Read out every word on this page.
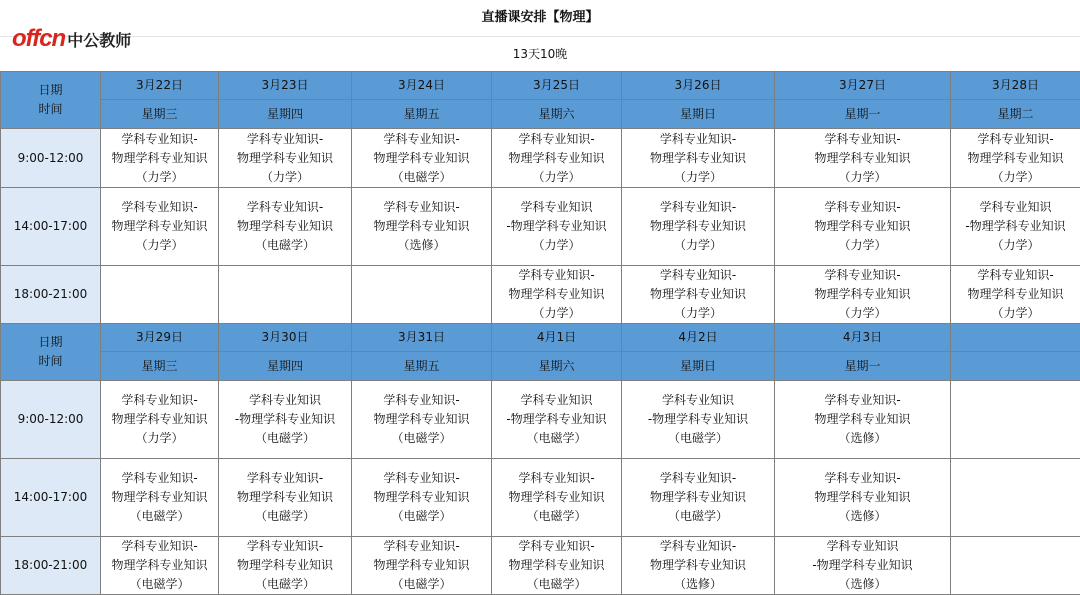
直播课安排【物理】
13天10晚
offcn 中公教师
日期
时间	3月22日	3月23日	3月24日	3月25日	3月26日	3月27日	3月28日
	星期三	星期四	星期五	星期六	星期日	星期一	星期二
9:00-12:00	学科专业知识-
物理学科专业知识
（力学）	学科专业知识-
物理学科专业知识
（力学）	学科专业知识-
物理学科专业知识
（电磁学）	学科专业知识-
物理学科专业知识
（力学）	学科专业知识-
物理学科专业知识
（力学）	学科专业知识-
物理学科专业知识
（力学）	学科专业知识-
物理学科专业知识
（力学）
14:00-17:00	学科专业知识-
物理学科专业知识
（力学）	学科专业知识-
物理学科专业知识
（电磁学）	学科专业知识-
物理学科专业知识
（选修）	学科专业知识
-物理学科专业知识
（力学）	学科专业知识-
物理学科专业知识
（力学）	学科专业知识-
物理学科专业知识
（力学）	学科专业知识
-物理学科专业知识
（力学）
18:00-21:00				学科专业知识-
物理学科专业知识
（力学）	学科专业知识-
物理学科专业知识
（力学）	学科专业知识-
物理学科专业知识
（力学）	学科专业知识-
物理学科专业知识
（力学）

日期
时间	3月29日	3月30日	3月31日	4月1日	4月2日	4月3日	
	星期三	星期四	星期五	星期六	星期日	星期一	
9:00-12:00	学科专业知识-
物理学科专业知识
（力学）	学科专业知识
-物理学科专业知识
（电磁学）	学科专业知识-
物理学科专业知识
（电磁学）	学科专业知识
-物理学科专业知识
（电磁学）	学科专业知识
-物理学科专业知识
（电磁学）	学科专业知识-
物理学科专业知识
（选修）	
14:00-17:00	学科专业知识-
物理学科专业知识
（电磁学）	学科专业知识-
物理学科专业知识
（电磁学）	学科专业知识-
物理学科专业知识
（电磁学）	学科专业知识-
物理学科专业知识
（电磁学）	学科专业知识-
物理学科专业知识
（电磁学）	学科专业知识-
物理学科专业知识
（选修）	
18:00-21:00	学科专业知识-
物理学科专业知识
（电磁学）	学科专业知识-
物理学科专业知识
（电磁学）	学科专业知识-
物理学科专业知识
（电磁学）	学科专业知识-
物理学科专业知识
（电磁学）	学科专业知识-
物理学科专业知识
（选修）	学科专业知识
-物理学科专业知识
（选修）	
